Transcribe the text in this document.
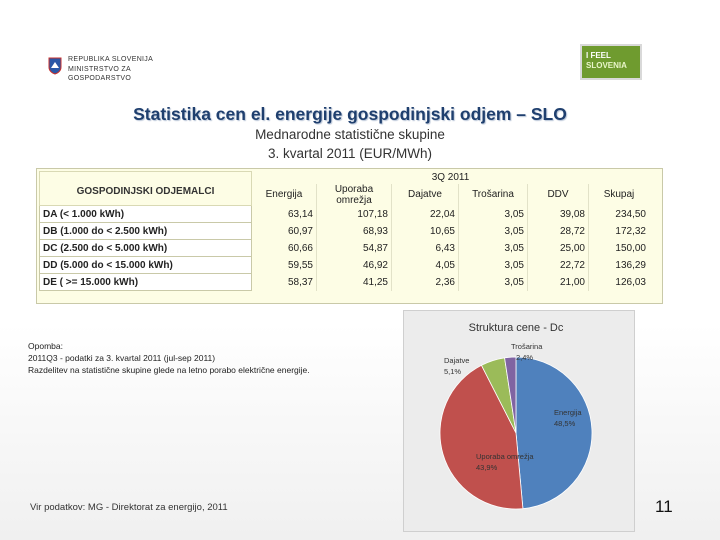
REPUBLIKA SLOVENIJA
MINISTRSTVO ZA
GOSPODARSTVO
I FEEL
SLOVENIA
Statistika cen el. energije gospodinjski odjem – SLO
Mednarodne statistične skupine
3. kvartal 2011 (EUR/MWh)
GOSPODINJSKI ODJEMALCI	3Q 2011					
	Energija	Uporaba omrežja	Dajatve	Trošarina	DDV	Skupaj
DA (< 1.000 kWh)	63,14	107,18	22,04	3,05	39,08	234,50
DB (1.000 do < 2.500 kWh)	60,97	68,93	10,65	3,05	28,72	172,32
DC (2.500 do < 5.000 kWh)	60,66	54,87	6,43	3,05	25,00	150,00
DD (5.000 do < 15.000 kWh)	59,55	46,92	4,05	3,05	22,72	136,29
DE ( >= 15.000 kWh)	58,37	41,25	2,36	3,05	21,00	126,03
Opomba:
2011Q3 - podatki za 3. kvartal 2011 (jul-sep 2011)
Razdelitev na statistične skupine glede na letno porabo električne energije.
Struktura cene - Dc
Energija
48,5%
Uporaba omrežja
43,9%
Dajatve
5,1%
Trošarina
2,4%
Vir podatkov: MG - Direktorat za energijo, 2011	11
